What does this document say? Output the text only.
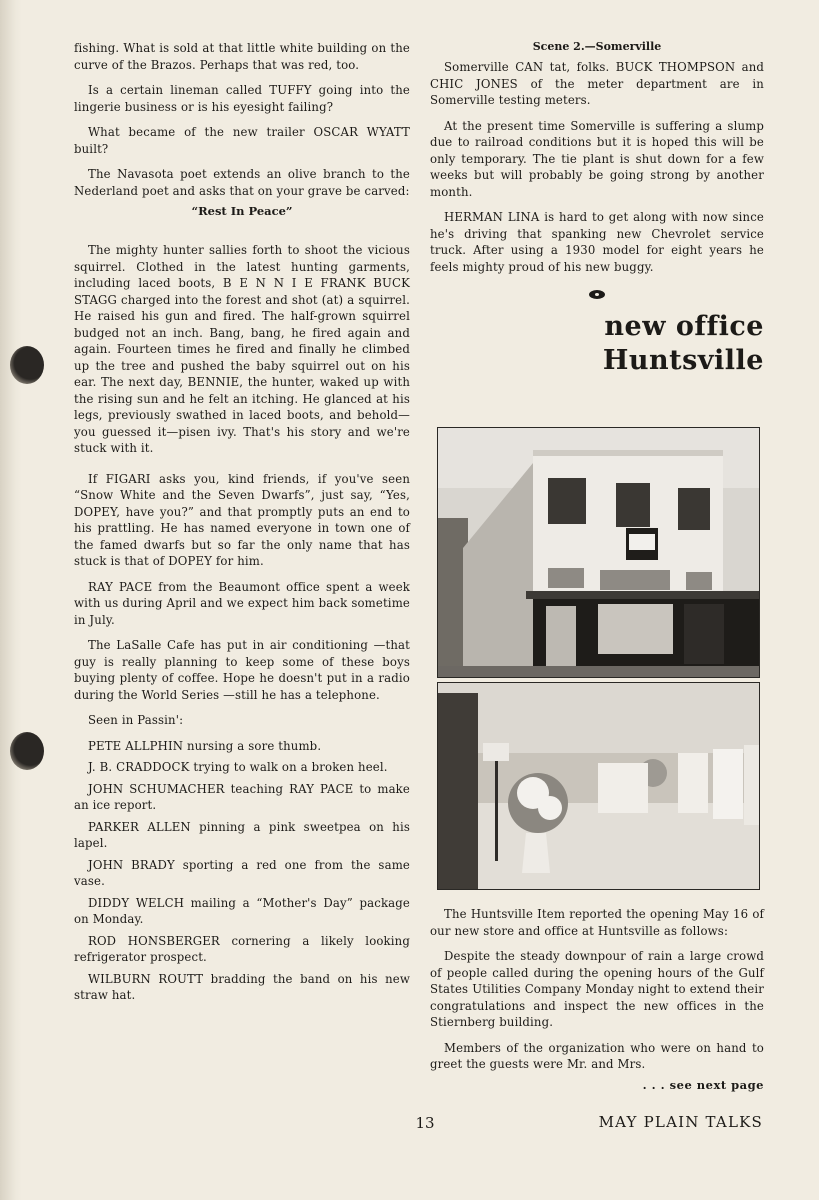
fishing. What is sold at that little white building on the curve of the Brazos. Perhaps that was red, too.

Is a certain lineman called TUFFY going into the lingerie business or is his eyesight failing?

What became of the new trailer OSCAR WYATT built?

The Navasota poet extends an olive branch to the Nederland poet and asks that on your grave be carved:

“Rest In Peace”

The mighty hunter sallies forth to shoot the vicious squirrel. Clothed in the latest hunting garments, including laced boots, B E N N I E FRANK BUCK STAGG charged into the forest and shot (at) a squirrel. He raised his gun and fired. The half-grown squirrel budged not an inch. Bang, bang, he fired again and again. Fourteen times he fired and finally he climbed up the tree and pushed the baby squirrel out on his ear. The next day, BENNIE, the hunter, waked up with the rising sun and he felt an itching. He glanced at his legs, previously swathed in laced boots, and behold—you guessed it—pisen ivy. That's his story and we're stuck with it.

If FIGARI asks you, kind friends, if you've seen “Snow White and the Seven Dwarfs”, just say, “Yes, DOPEY, have you?” and that promptly puts an end to his prattling. He has named everyone in town one of the famed dwarfs but so far the only name that has stuck is that of DOPEY for him.

RAY PACE from the Beaumont office spent a week with us during April and we expect him back sometime in July.

The LaSalle Cafe has put in air conditioning —that guy is really planning to keep some of these boys buying plenty of coffee. Hope he doesn't put in a radio during the World Series —still he has a telephone.

Seen in Passin':

PETE ALLPHIN nursing a sore thumb.

J. B. CRADDOCK trying to walk on a broken heel.

JOHN SCHUMACHER teaching RAY PACE to make an ice report.

PARKER ALLEN pinning a pink sweetpea on his lapel.

JOHN BRADY sporting a red one from the same vase.

DIDDY WELCH mailing a “Mother's Day” package on Monday.

ROD HONSBERGER cornering a likely looking refrigerator prospect.

WILBURN ROUTT bradding the band on his new straw hat.

Scene 2.—Somerville

Somerville CAN tat, folks. BUCK THOMPSON and CHIC JONES of the meter department are in Somerville testing meters.

At the present time Somerville is suffering a slump due to railroad conditions but it is hoped this will be only temporary. The tie plant is shut down for a few weeks but will probably be going strong by another month.

HERMAN LINA is hard to get along with now since he's driving that spanking new Chevrolet service truck. After using a 1930 model for eight years he feels mighty proud of his new buggy.

new office
Huntsville

The Huntsville Item reported the opening May 16 of our new store and office at Huntsville as follows:

Despite the steady downpour of rain a large crowd of people called during the opening hours of the Gulf States Utilities Company Monday night to extend their congratulations and inspect the new offices in the Stiernberg building.

Members of the organization who were on hand to greet the guests were Mr. and Mrs.

. . . see next page
13	MAY PLAIN TALKS
